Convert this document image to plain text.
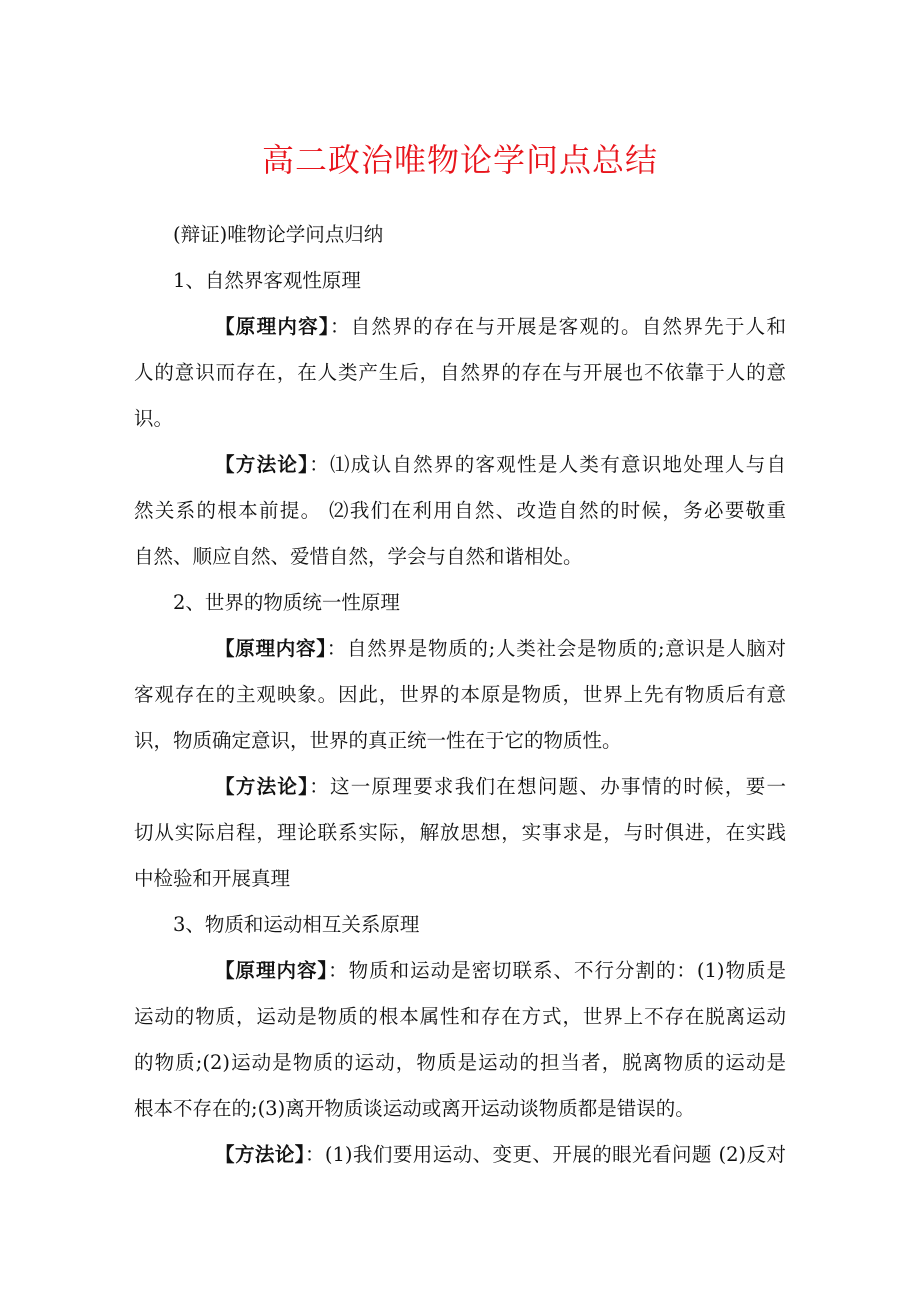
高二政治唯物论学问点总结
(辩证)唯物论学问点归纳
1、自然界客观性原理
【原理内容】：自然界的存在与开展是客观的。自然界先于人和
人的意识而存在，在人类产生后，自然界的存在与开展也不依靠于人的意
识。
【方法论】：⑴成认自然界的客观性是人类有意识地处理人与自
然关系的根本前提。 ⑵我们在利用自然、改造自然的时候，务必要敬重
自然、顺应自然、爱惜自然，学会与自然和谐相处。
2、世界的物质统一性原理
【原理内容】：自然界是物质的;人类社会是物质的;意识是人脑对
客观存在的主观映象。因此，世界的本原是物质，世界上先有物质后有意
识，物质确定意识，世界的真正统一性在于它的物质性。
【方法论】：这一原理要求我们在想问题、办事情的时候，要一
切从实际启程，理论联系实际，解放思想，实事求是，与时俱进，在实践
中检验和开展真理
3、物质和运动相互关系原理
【原理内容】：物质和运动是密切联系、不行分割的：(1)物质是
运动的物质，运动是物质的根本属性和存在方式，世界上不存在脱离运动
的物质;(2)运动是物质的运动，物质是运动的担当者，脱离物质的运动是
根本不存在的;(3)离开物质谈运动或离开运动谈物质都是错误的。
【方法论】：(1)我们要用运动、变更、开展的眼光看问题 (2)反对
